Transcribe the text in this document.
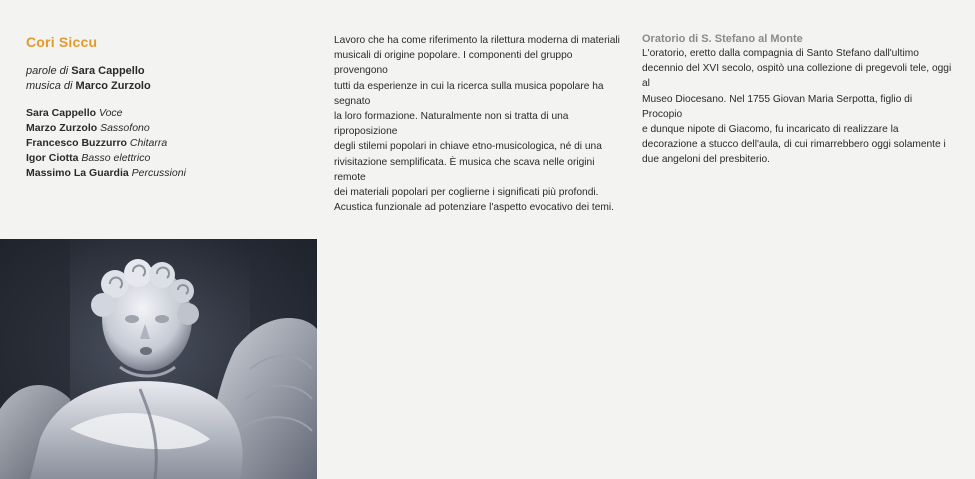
Cori Siccu
parole di Sara Cappello
musica di Marco Zurzolo
Sara Cappello Voce
Marzo Zurzolo Sassofono
Francesco Buzzurro Chitarra
Igor Ciotta Basso elettrico
Massimo La Guardia Percussioni
Lavoro che ha come riferimento la rilettura moderna di materiali
musicali di origine popolare. I componenti del gruppo provengono
tutti da esperienze in cui la ricerca sulla musica popolare ha segnato
la loro formazione. Naturalmente non si tratta di una riproposizione
degli stilemi popolari in chiave etno-musicologica, né di una
rivisitazione semplificata. È musica che scava nelle origini remote
dei materiali popolari per coglierne i significati più profondi.
Acustica funzionale ad potenziare l'aspetto evocativo dei temi.
Oratorio di S. Stefano al Monte
L'oratorio, eretto dalla compagnia di Santo Stefano dall'ultimo
decennio del XVI secolo, ospitò una collezione di pregevoli tele, oggi al
Museo Diocesano. Nel 1755 Giovan Maria Serpotta, figlio di Procopio
e dunque nipote di Giacomo, fu incaricato di realizzare la
decorazione a stucco dell'aula, di cui rimarrebbero oggi solamente i
due angeloni del presbiterio.
